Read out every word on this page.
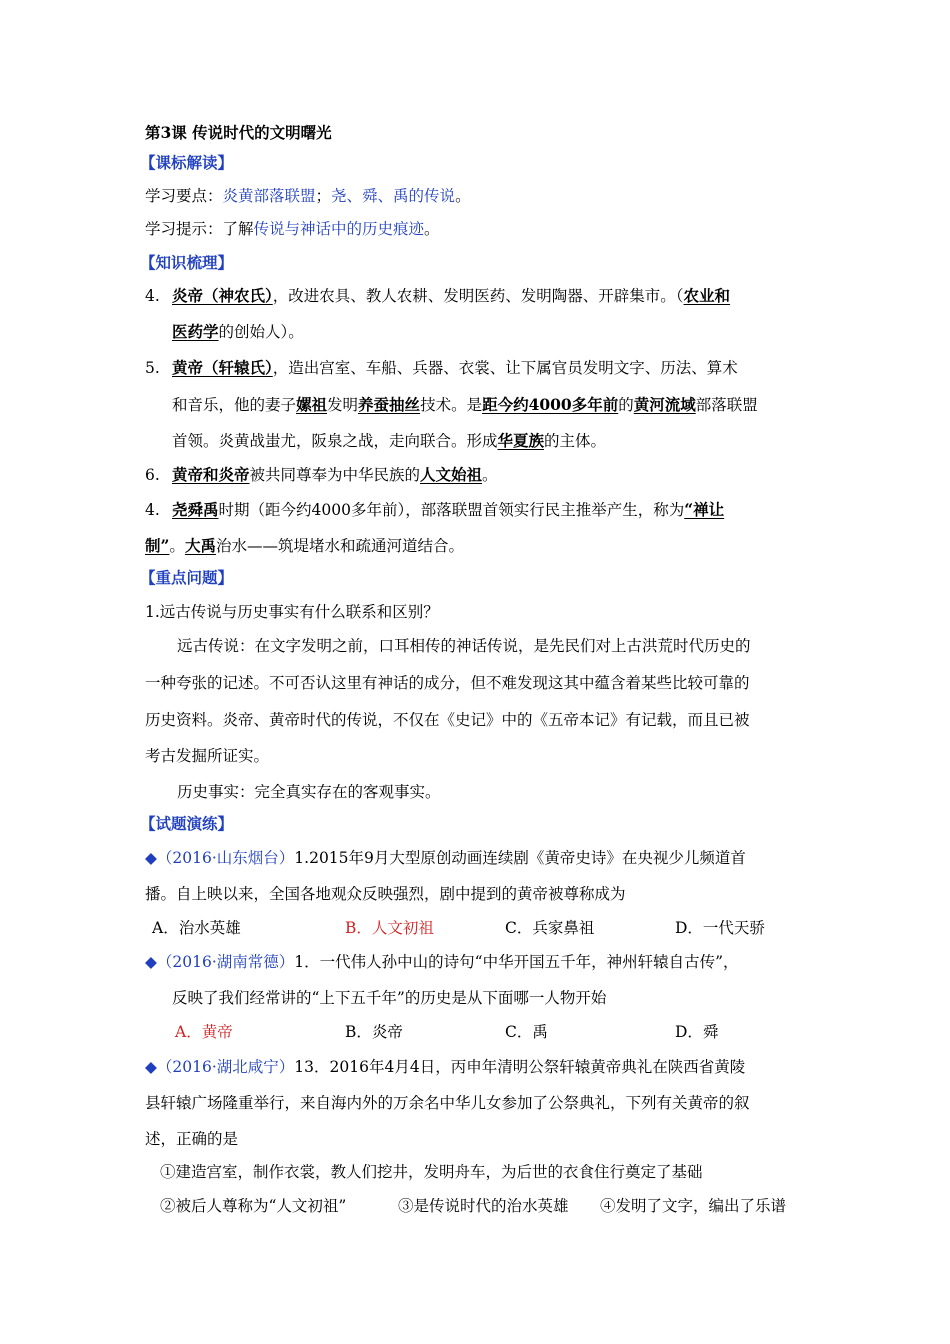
第3课 传说时代的文明曙光
【课标解读】
学习要点：炎黄部落联盟；尧、舜、禹的传说。
学习提示：了解传说与神话中的历史痕迹。
【知识梳理】
4. 炎帝（神农氏），改进农具、教人农耕、发明医药、发明陶器、开辟集市。（农业和
医药学的创始人）。
5. 黄帝（轩辕氏），造出宫室、车船、兵器、衣裳、让下属官员发明文字、历法、算术
和音乐，他的妻子嫘祖发明养蚕抽丝技术。是距今约4000多年前的黄河流域部落联盟
首领。炎黄战蚩尤，阪泉之战，走向联合。形成华夏族的主体。
6. 黄帝和炎帝被共同尊奉为中华民族的人文始祖。
4. 尧舜禹时期（距今约4000多年前），部落联盟首领实行民主推举产生，称为“禅让
制”。大禹治水——筑堤堵水和疏通河道结合。
【重点问题】
1.远古传说与历史事实有什么联系和区别？
远古传说：在文字发明之前，口耳相传的神话传说，是先民们对上古洪荒时代历史的
一种夸张的记述。不可否认这里有神话的成分，但不难发现这其中蕴含着某些比较可靠的
历史资料。炎帝、黄帝时代的传说，不仅在《史记》中的《五帝本记》有记载，而且已被
考古发掘所证实。
历史事实：完全真实存在的客观事实。
【试题演练】
◆（2016·山东烟台）1.2015年9月大型原创动画连续剧《黄帝史诗》在央视少儿频道首
播。自上映以来，全国各地观众反映强烈，剧中提到的黄帝被尊称成为
A．治水英雄	B．人文初祖	C．兵家鼻祖	D．一代天骄
◆（2016·湖南常德）1．一代伟人孙中山的诗句“中华开国五千年，神州轩辕自古传”，
反映了我们经常讲的“上下五千年”的历史是从下面哪一人物开始
A．黄帝	B．炎帝	C．禹	D．舜
◆（2016·湖北咸宁）13．2016年4月4日，丙申年清明公祭轩辕黄帝典礼在陕西省黄陵
县轩辕广场隆重举行，来自海内外的万余名中华儿女参加了公祭典礼，下列有关黄帝的叙
述，正确的是
①建造宫室，制作衣裳，教人们挖井，发明舟车，为后世的衣食住行奠定了基础
②被后人尊称为“人文初祖”	③是传说时代的治水英雄 ④发明了文字，编出了乐谱
